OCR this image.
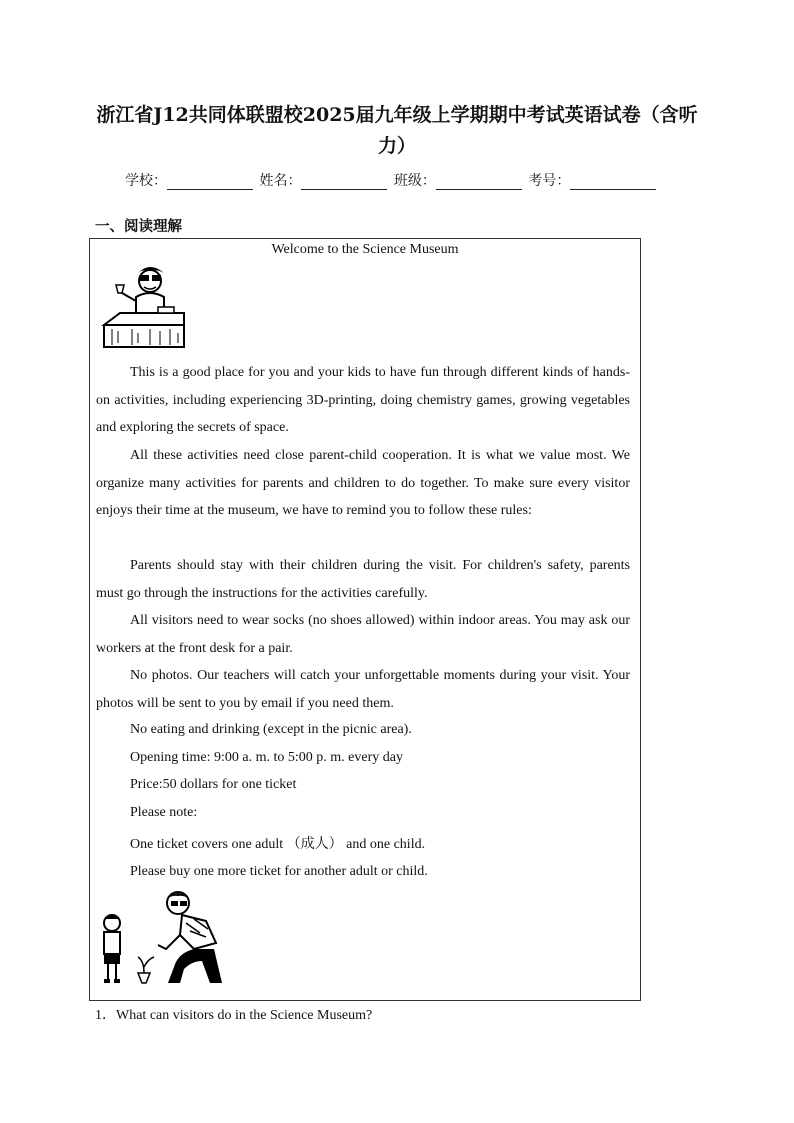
浙江省J12共同体联盟校2025届九年级上学期期中考试英语试卷（含听力）
学校：	姓名：	班级：	考号：
一、阅读理解
Welcome to the Science Museum

This is a good place for you and your kids to have fun through different kinds of hands-on activities, including experiencing 3D-printing, doing chemistry games, growing vegetables and exploring the secrets of space.

All these activities need close parent-child cooperation. It is what we value most. We organize many activities for parents and children to do together. To make sure every visitor enjoys their time at the museum, we have to remind you to follow these rules:

Parents should stay with their children during the visit. For children's safety, parents must go through the instructions for the activities carefully.

All visitors need to wear socks (no shoes allowed) within indoor areas. You may ask our workers at the front desk for a pair.

No photos. Our teachers will catch your unforgettable moments during your visit. Your photos will be sent to you by email if you need them.

No eating and drinking (except in the picnic area).
Opening time: 9:00 a. m. to 5:00 p. m. every day
Price:50 dollars for one ticket
Please note:
One ticket covers one adult （成人） and one child.
Please buy one more ticket for another adult or child.
1．What can visitors do in the Science Museum?
